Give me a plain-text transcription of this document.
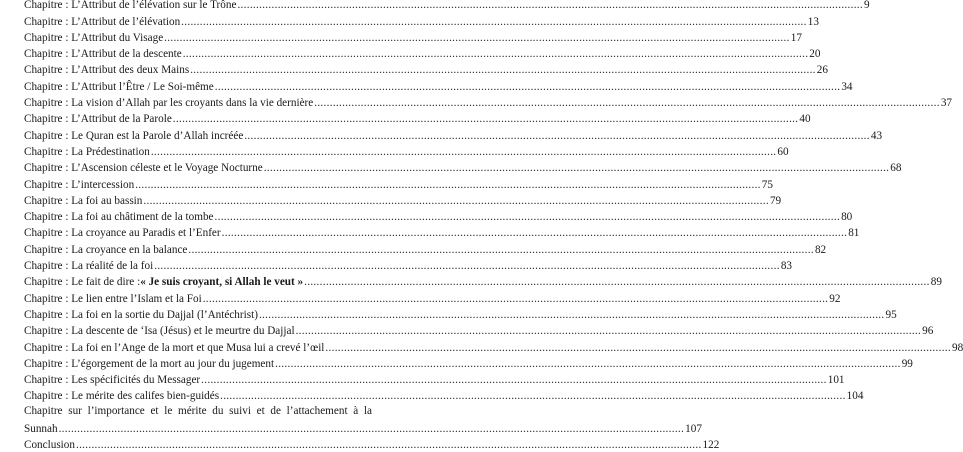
Chapitre : L’Attribut de l’élévation sur le Trône .....	9
Chapitre : L’Attribut de l’élévation .....	13
Chapitre : L’Attribut du Visage .....	17
Chapitre : L’Attribut de la descente .....	20
Chapitre : L’Attribut des deux Mains .....	26
Chapitre : L’Attribut l’Être / Le Soi-même .....	34
Chapitre : La vision d’Allah par les croyants dans la vie dernière .....	37
Chapitre : L’Attribut de la Parole .....	40
Chapitre : Le Quran est la Parole d’Allah incréée .....	43
Chapitre : La Prédestination .....	60
Chapitre : L’Ascension céleste et le Voyage Nocturne .....	68
Chapitre : L’intercession .....	75
Chapitre : La foi au bassin .....	79
Chapitre : La foi au châtiment de la tombe .....	80
Chapitre : La croyance au Paradis et l’Enfer .....	81
Chapitre : La croyance en la balance .....	82
Chapitre : La réalité de la foi .....	83
Chapitre : Le fait de dire : « Je suis croyant, si Allah le veut » .....	89
Chapitre : Le lien entre l’Islam et la Foi .....	92
Chapitre : La foi en la sortie du Dajjal (l’Antéchrist) .....	95
Chapitre : La descente de ‘Isa (Jésus) et le meurtre du Dajjal .....	96
Chapitre : La foi en l’Ange de la mort et que Musa lui a crevé l’œil .....	98
Chapitre : L’égorgement de la mort au jour du jugement .....	99
Chapitre : Les spécificités du Messager .....	101
Chapitre : Le mérite des califes bien-guidés .....	104
Chapitre sur l’importance et le mérite du suivi et de l’attachement à la
Sunnah .....	107
Conclusion .....	122
